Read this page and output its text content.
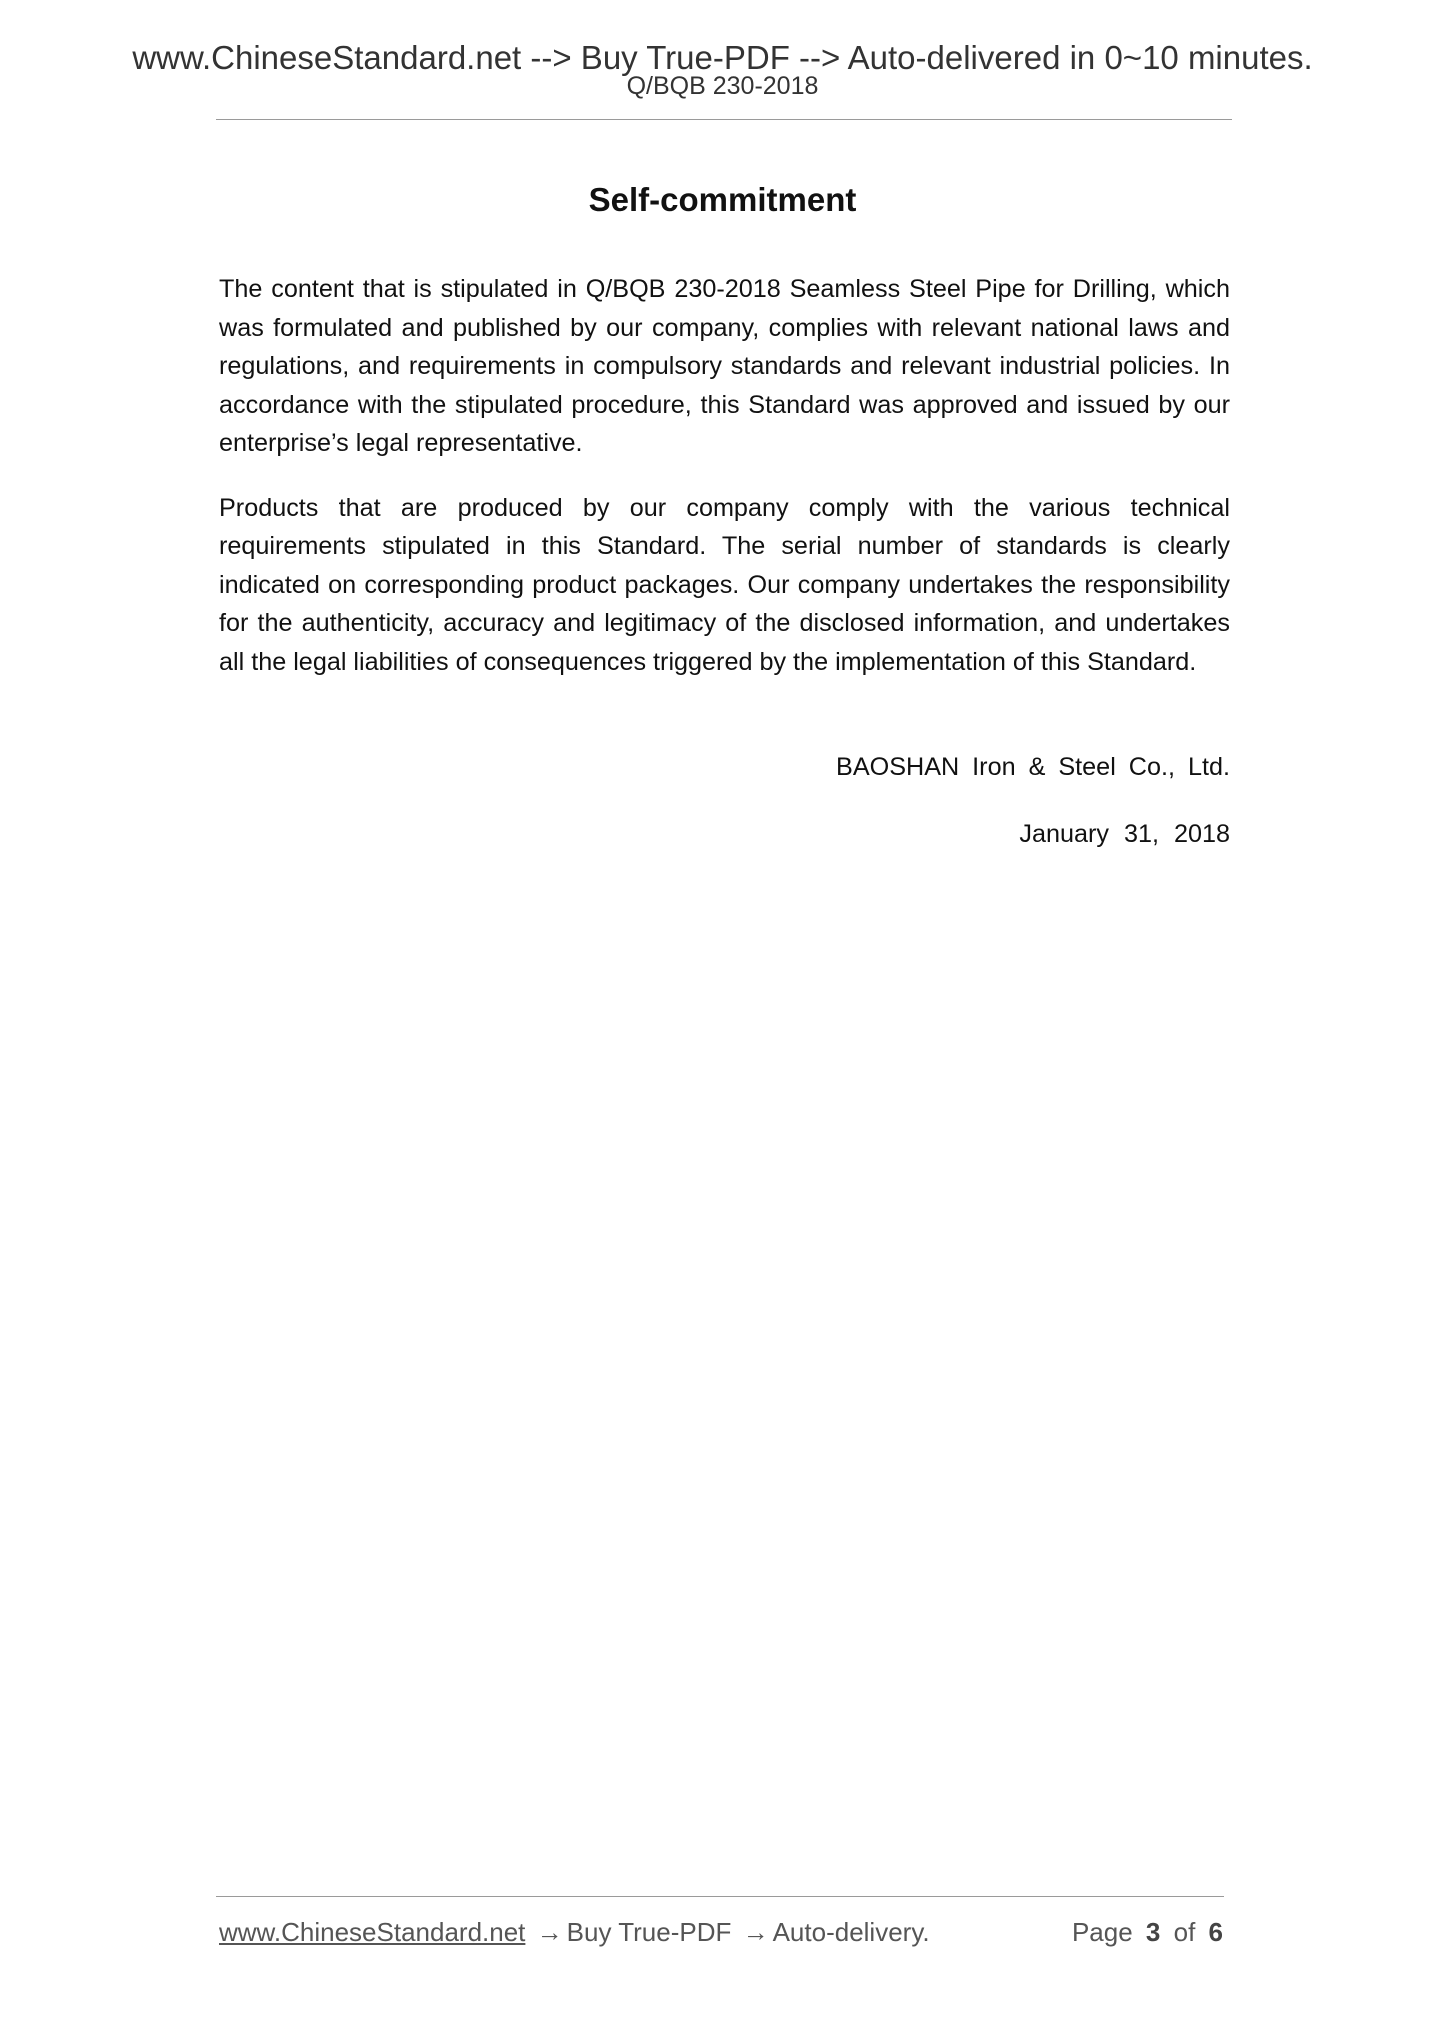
www.ChineseStandard.net --> Buy True-PDF --> Auto-delivered in 0~10 minutes.
Q/BQB 230-2018
Self-commitment

The content that is stipulated in Q/BQB 230-2018 Seamless Steel Pipe for Drilling, which was formulated and published by our company, complies with relevant national laws and regulations, and requirements in compulsory standards and relevant industrial policies. In accordance with the stipulated procedure, this Standard was approved and issued by our enterprise’s legal representative.

Products that are produced by our company comply with the various technical requirements stipulated in this Standard. The serial number of standards is clearly indicated on corresponding product packages. Our company undertakes the responsibility for the authenticity, accuracy and legitimacy of the disclosed information, and undertakes all the legal liabilities of consequences triggered by the implementation of this Standard.

BAOSHAN Iron & Steel Co., Ltd.
January 31, 2018
www.ChineseStandard.net → Buy True-PDF → Auto-delivery.	Page 3 of 6
